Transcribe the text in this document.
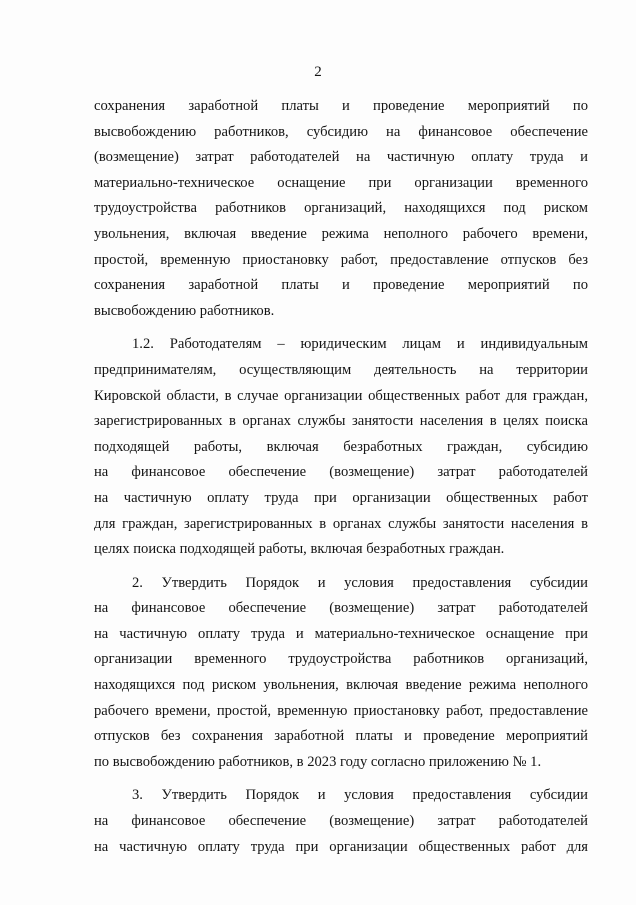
2
сохранения заработной платы и проведение мероприятий по
высвобождению работников, субсидию на финансовое обеспечение
(возмещение) затрат работодателей на частичную оплату труда и
материально-техническое оснащение при организации временного
трудоустройства работников организаций, находящихся под риском
увольнения, включая введение режима неполного рабочего времени,
простой, временную приостановку работ, предоставление отпусков без
сохранения заработной платы и проведение мероприятий по
высвобождению работников.
1.2. Работодателям – юридическим лицам и индивидуальным
предпринимателям, осуществляющим деятельность на территории
Кировской области, в случае организации общественных работ для граждан,
зарегистрированных в органах службы занятости населения в целях поиска
подходящей работы, включая безработных граждан, субсидию
на финансовое обеспечение (возмещение) затрат работодателей
на частичную оплату труда при организации общественных работ
для граждан, зарегистрированных в органах службы занятости населения в
целях поиска подходящей работы, включая безработных граждан.
2. Утвердить Порядок и условия предоставления субсидии
на финансовое обеспечение (возмещение) затрат работодателей
на частичную оплату труда и материально-техническое оснащение при
организации временного трудоустройства работников организаций,
находящихся под риском увольнения, включая введение режима неполного
рабочего времени, простой, временную приостановку работ, предоставление
отпусков без сохранения заработной платы и проведение мероприятий
по высвобождению работников, в 2023 году согласно приложению № 1.
3. Утвердить Порядок и условия предоставления субсидии
на финансовое обеспечение (возмещение) затрат работодателей
на частичную оплату труда при организации общественных работ для
